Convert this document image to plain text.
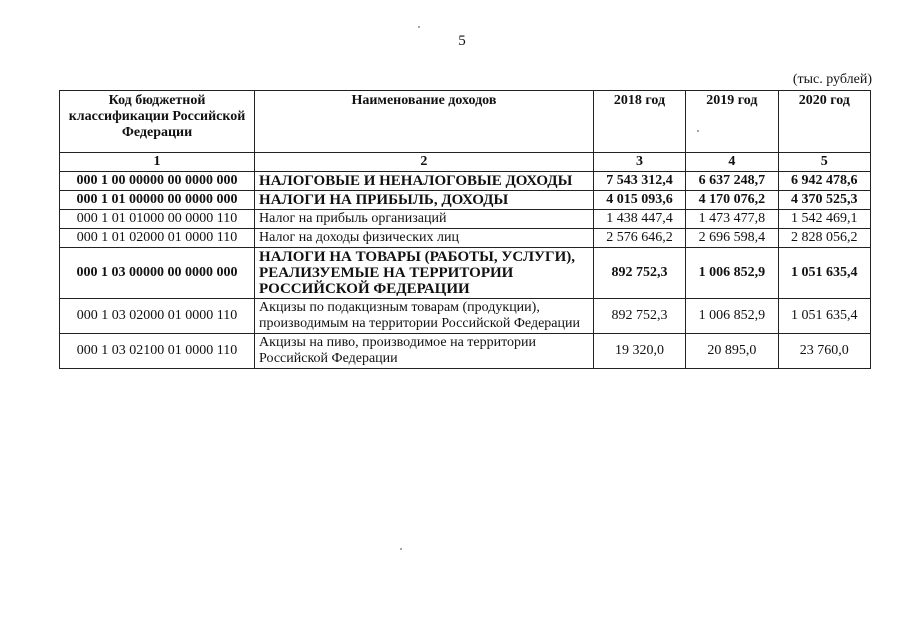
5
(тыс. рублей)
Код бюджетной классификации Российской Федерации	Наименование доходов	2018 год	2019 год	2020 год
1	2	3	4	5
000 1 00 00000 00 0000 000	НАЛОГОВЫЕ И НЕНАЛОГОВЫЕ ДОХОДЫ	7 543 312,4	6 637 248,7	6 942 478,6
000 1 01 00000 00 0000 000	НАЛОГИ НА ПРИБЫЛЬ, ДОХОДЫ	4 015 093,6	4 170 076,2	4 370 525,3
000 1 01 01000 00 0000 110	Налог на прибыль организаций	1 438 447,4	1 473 477,8	1 542 469,1
000 1 01 02000 01 0000 110	Налог на доходы физических лиц	2 576 646,2	2 696 598,4	2 828 056,2
000 1 03 00000 00 0000 000	НАЛОГИ НА ТОВАРЫ (РАБОТЫ, УСЛУГИ), РЕАЛИЗУЕМЫЕ НА ТЕРРИТОРИИ РОССИЙСКОЙ ФЕДЕРАЦИИ	892 752,3	1 006 852,9	1 051 635,4
000 1 03 02000 01 0000 110	Акцизы по подакцизным товарам (продукции), производимым на территории Российской Федерации	892 752,3	1 006 852,9	1 051 635,4
000 1 03 02100 01 0000 110	Акцизы на пиво, производимое на территории Российской Федерации	19 320,0	20 895,0	23 760,0
